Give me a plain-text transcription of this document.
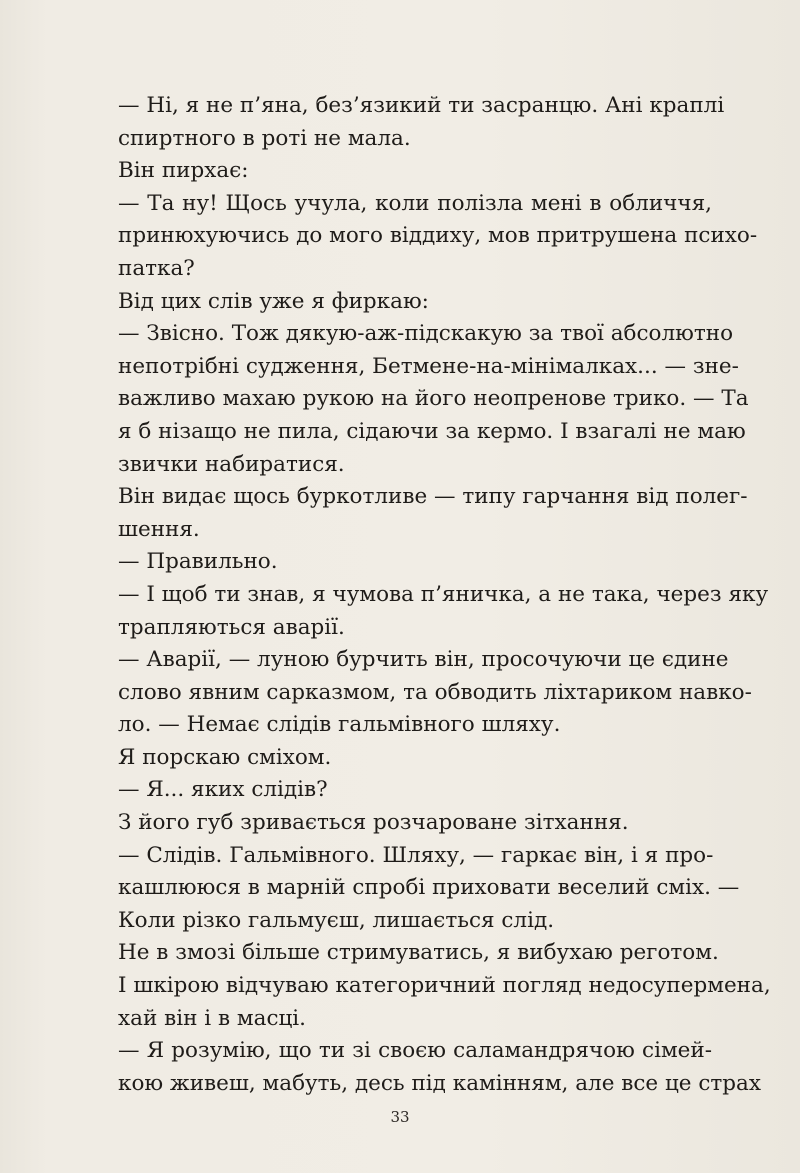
— Ні, я не п’яна, без’язикий ти засранцю. Ані краплі
спиртного в роті не мала.
Він пирхає:
— Та ну! Щось учула, коли полізла мені в обличчя,
принюхуючись до мого віддиху, мов притрушена психо-
патка?
Від цих слів уже я фиркаю:
— Звісно. Тож дякую-аж-підскакую за твої абсолютно
непотрібні судження, Бетмене-на-мінімалках... — зне-
важливо махаю рукою на його неопренове трико. — Та
я б нізащо не пила, сідаючи за кермо. І взагалі не маю
звички набиратися.
Він видає щось буркотливе — типу гарчання від полег-
шення.
— Правильно.
— І щоб ти знав, я чумова п’яничка, а не така, через яку
трапляються аварії.
— Аварії, — луною бурчить він, просочуючи це єдине
слово явним сарказмом, та обводить ліхтариком навко-
ло. — Немає слідів гальмівного шляху.
Я порскаю сміхом.
— Я... яких слідів?
З його губ зривається розчароване зітхання.
— Слідів. Гальмівного. Шляху, — гаркає він, і я про-
кашлююся в марній спробі приховати веселий сміх. —
Коли різко гальмуєш, лишається слід.
Не в змозі більше стримуватись, я вибухаю реготом.
І шкірою відчуваю категоричний погляд недосупермена,
хай він і в масці.
— Я розумію, що ти зі своєю саламандрячою сімей-
кою живеш, мабуть, десь під камінням, але все це страх
33
